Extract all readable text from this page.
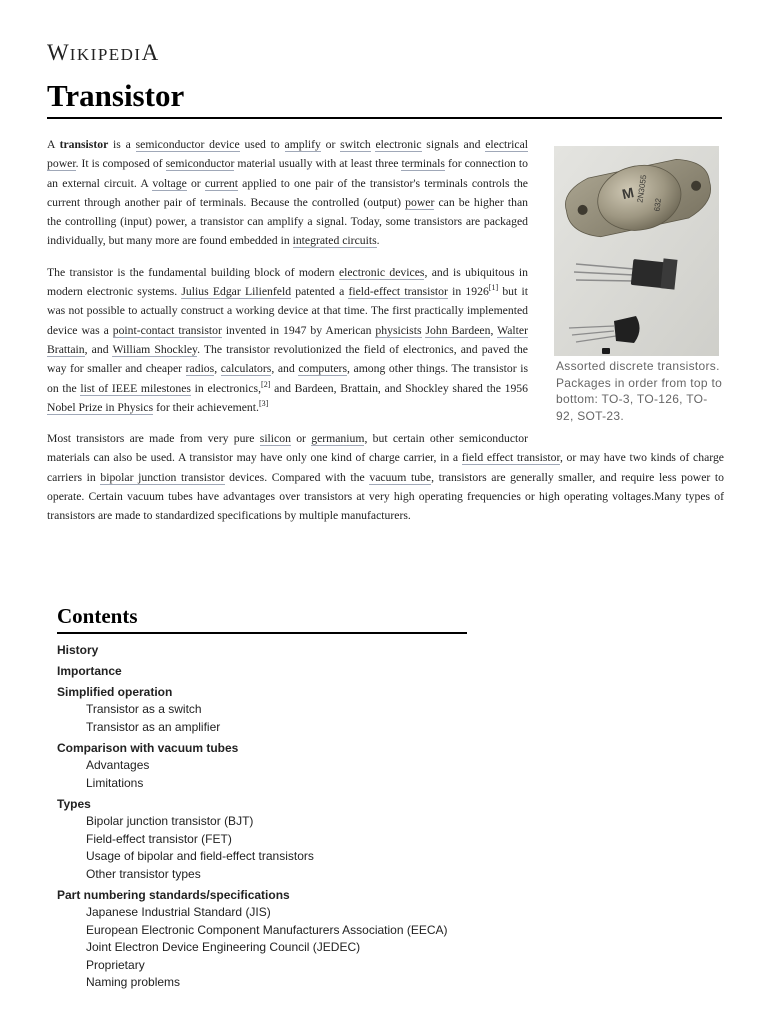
WIKIPEDIA
Transistor
M 2N3055
632
Assorted discrete transistors. Packages in order from top to bottom: TO-3, TO-126, TO-92, SOT-23.

A transistor is a semiconductor device used to amplify or switch electronic signals and electrical power. It is composed of semiconductor material usually with at least three terminals for connection to an external circuit. A voltage or current applied to one pair of the transistor's terminals controls the current through another pair of terminals. Because the controlled (output) power can be higher than the controlling (input) power, a transistor can amplify a signal. Today, some transistors are packaged individually, but many more are found embedded in integrated circuits.

The transistor is the fundamental building block of modern electronic devices, and is ubiquitous in modern electronic systems. Julius Edgar Lilienfeld patented a field-effect transistor in 1926[1] but it was not possible to actually construct a working device at that time. The first practically implemented device was a point-contact transistor invented in 1947 by American physicists John Bardeen, Walter Brattain, and William Shockley. The transistor revolutionized the field of electronics, and paved the way for smaller and cheaper radios, calculators, and computers, among other things. The transistor is on the list of IEEE milestones in electronics,[2] and Bardeen, Brattain, and Shockley shared the 1956 Nobel Prize in Physics for their achievement.[3]

Most transistors are made from very pure silicon or germanium, but certain other semiconductor materials can also be used. A transistor may have only one kind of charge carrier, in a field effect transistor, or may have two kinds of charge carriers in bipolar junction transistor devices. Compared with the vacuum tube, transistors are generally smaller, and require less power to operate. Certain vacuum tubes have advantages over transistors at very high operating frequencies or high operating voltages.Many types of transistors are made to standardized specifications by multiple manufacturers.

Contents
History
Importance
Simplified operation
Transistor as a switch
Transistor as an amplifier
Comparison with vacuum tubes
Advantages
Limitations
Types
Bipolar junction transistor (BJT)
Field-effect transistor (FET)
Usage of bipolar and field-effect transistors
Other transistor types
Part numbering standards/specifications
Japanese Industrial Standard (JIS)
European Electronic Component Manufacturers Association (EECA)
Joint Electron Device Engineering Council (JEDEC)
Proprietary
Naming problems
